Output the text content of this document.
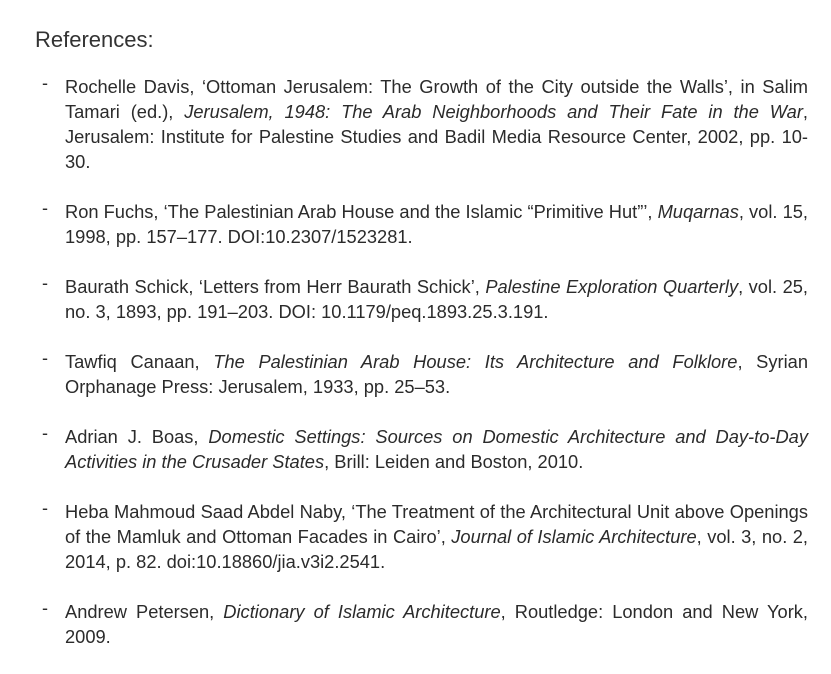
References:
- Rochelle Davis, ‘Ottoman Jerusalem: The Growth of the City outside the Walls’, in Salim Tamari (ed.), Jerusalem, 1948: The Arab Neighborhoods and Their Fate in the War, Jerusalem: Institute for Palestine Studies and Badil Media Resource Center, 2002, pp. 10-30.
- Ron Fuchs, ‘The Palestinian Arab House and the Islamic “Primitive Hut”’, Muqarnas, vol. 15, 1998, pp. 157–177. DOI:10.2307/1523281.
- Baurath Schick, ‘Letters from Herr Baurath Schick’, Palestine Exploration Quarterly, vol. 25, no. 3, 1893, pp. 191–203. DOI: 10.1179/peq.1893.25.3.191.
- Tawfiq Canaan, The Palestinian Arab House: Its Architecture and Folklore, Syrian Orphanage Press: Jerusalem, 1933, pp. 25–53.
- Adrian J. Boas, Domestic Settings: Sources on Domestic Architecture and Day-to-Day Activities in the Crusader States, Brill: Leiden and Boston, 2010.
- Heba Mahmoud Saad Abdel Naby, ‘The Treatment of the Architectural Unit above Openings of the Mamluk and Ottoman Facades in Cairo’, Journal of Islamic Architecture, vol. 3, no. 2, 2014, p. 82. doi:10.18860/jia.v3i2.2541.
- Andrew Petersen, Dictionary of Islamic Architecture, Routledge: London and New York, 2009.
